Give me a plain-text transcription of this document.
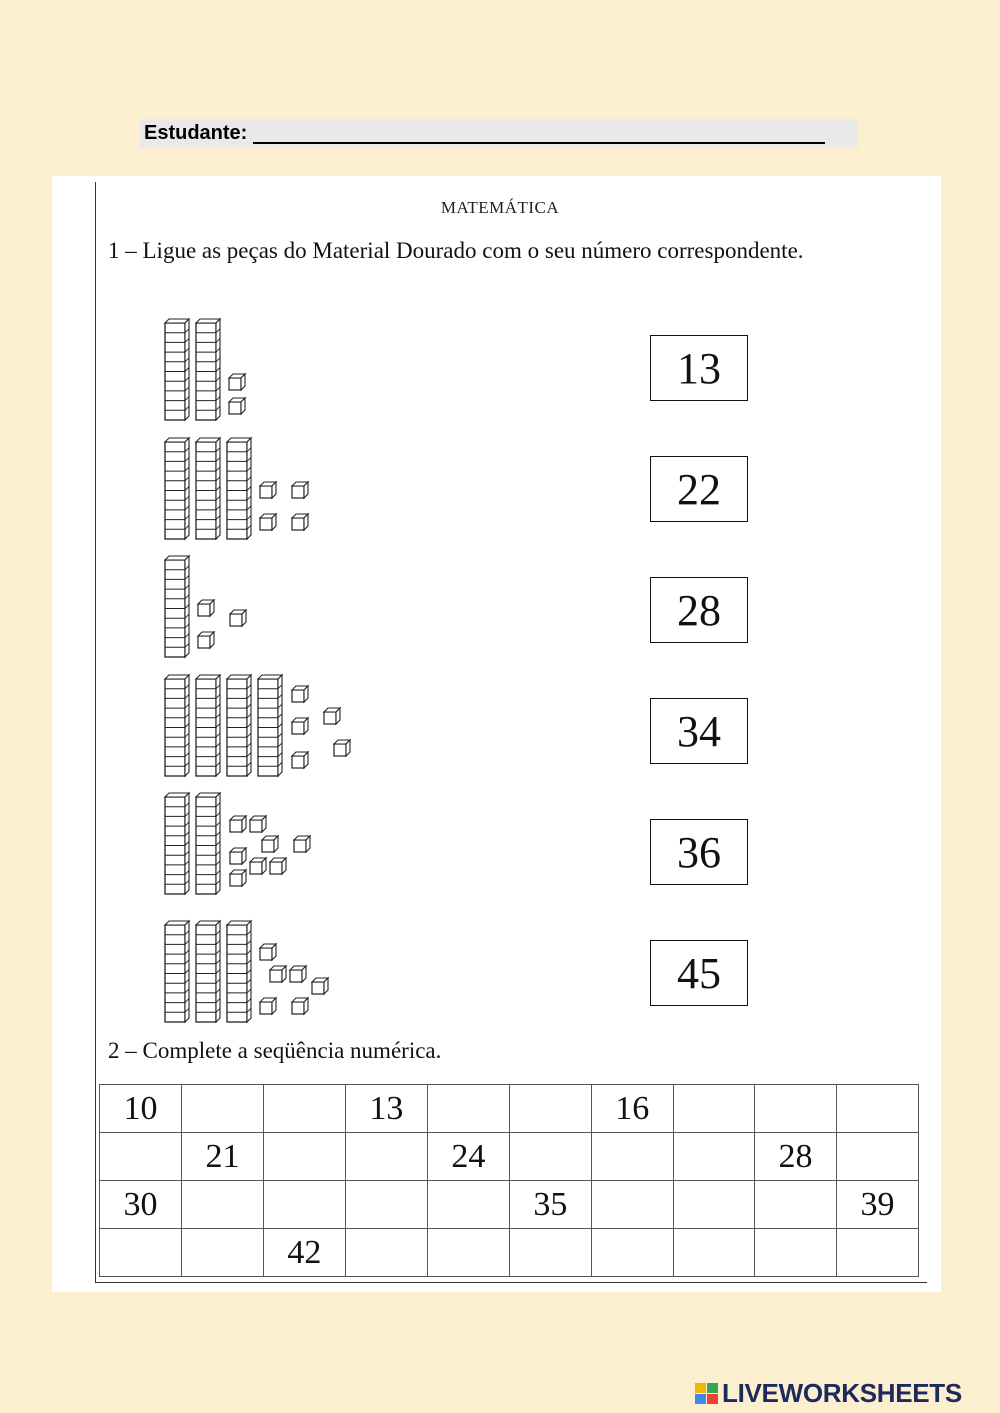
Estudante:
MATEMÁTICA
1 – Ligue as peças do Material Dourado com o seu número correspondente.
13
22
28
34
36
45
2 – Complete a seqüência numérica.
10			13			16			
	21			24				28	
30					35				39
		42							
LIVEWORKSHEETS
